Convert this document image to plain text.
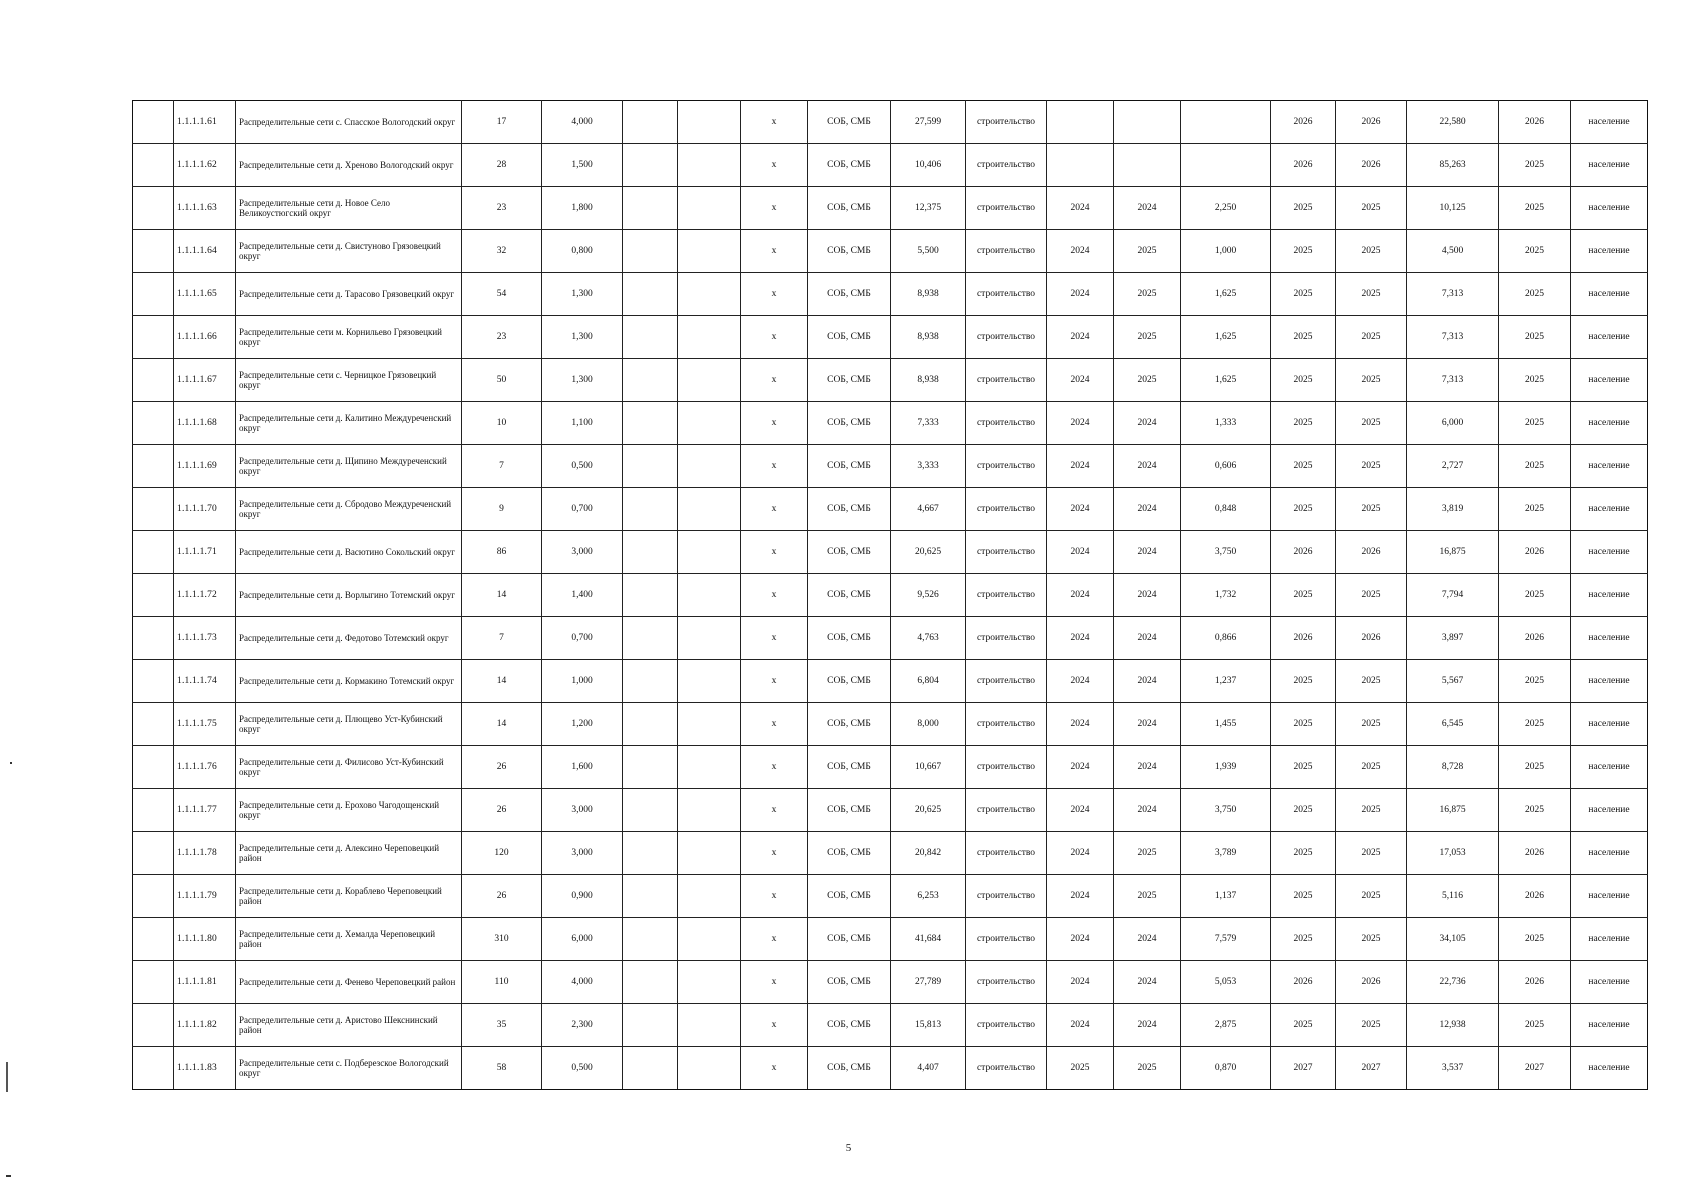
	1.1.1.1.61	Распределительные сети с. Спасское Вологодский округ	17	4,000			x	СОБ, СМБ	27,599	строительство				2026	2026	22,580	2026	население
	1.1.1.1.62	Распределительные сети д. Хреново Вологодский округ	28	1,500			x	СОБ, СМБ	10,406	строительство				2026	2026	85,263	2025	население
	1.1.1.1.63	Распределительные сети д. Новое Село Великоустюгский округ	23	1,800			x	СОБ, СМБ	12,375	строительство	2024	2024	2,250	2025	2025	10,125	2025	население
	1.1.1.1.64	Распределительные сети д. Свистуново Грязовецкий округ	32	0,800			x	СОБ, СМБ	5,500	строительство	2024	2025	1,000	2025	2025	4,500	2025	население
	1.1.1.1.65	Распределительные сети д. Тарасово Грязовецкий округ	54	1,300			x	СОБ, СМБ	8,938	строительство	2024	2025	1,625	2025	2025	7,313	2025	население
	1.1.1.1.66	Распределительные сети м. Корнильево Грязовецкий округ	23	1,300			x	СОБ, СМБ	8,938	строительство	2024	2025	1,625	2025	2025	7,313	2025	население
	1.1.1.1.67	Распределительные сети с. Черницкое Грязовецкий округ	50	1,300			x	СОБ, СМБ	8,938	строительство	2024	2025	1,625	2025	2025	7,313	2025	население
	1.1.1.1.68	Распределительные сети д. Калитино Междуреченский округ	10	1,100			x	СОБ, СМБ	7,333	строительство	2024	2024	1,333	2025	2025	6,000	2025	население
	1.1.1.1.69	Распределительные сети д. Щипино Междуреченский округ	7	0,500			x	СОБ, СМБ	3,333	строительство	2024	2024	0,606	2025	2025	2,727	2025	население
	1.1.1.1.70	Распределительные сети д. Сбродово Междуреченский округ	9	0,700			x	СОБ, СМБ	4,667	строительство	2024	2024	0,848	2025	2025	3,819	2025	население
	1.1.1.1.71	Распределительные сети д. Васютино Сокольский округ	86	3,000			x	СОБ, СМБ	20,625	строительство	2024	2024	3,750	2026	2026	16,875	2026	население
	1.1.1.1.72	Распределительные сети д. Ворлыгино Тотемский округ	14	1,400			x	СОБ, СМБ	9,526	строительство	2024	2024	1,732	2025	2025	7,794	2025	население
	1.1.1.1.73	Распределительные сети д. Федотово Тотемский округ	7	0,700			x	СОБ, СМБ	4,763	строительство	2024	2024	0,866	2026	2026	3,897	2026	население
	1.1.1.1.74	Распределительные сети д. Кормакино Тотемский округ	14	1,000			x	СОБ, СМБ	6,804	строительство	2024	2024	1,237	2025	2025	5,567	2025	население
	1.1.1.1.75	Распределительные сети д. Плющево Уст-Кубинский округ	14	1,200			x	СОБ, СМБ	8,000	строительство	2024	2024	1,455	2025	2025	6,545	2025	население
	1.1.1.1.76	Распределительные сети д. Филисово Уст-Кубинский округ	26	1,600			x	СОБ, СМБ	10,667	строительство	2024	2024	1,939	2025	2025	8,728	2025	население
	1.1.1.1.77	Распределительные сети д. Ерохово Чагодощенский округ	26	3,000			x	СОБ, СМБ	20,625	строительство	2024	2024	3,750	2025	2025	16,875	2025	население
	1.1.1.1.78	Распределительные сети д. Алексино Череповецкий район	120	3,000			x	СОБ, СМБ	20,842	строительство	2024	2025	3,789	2025	2025	17,053	2026	население
	1.1.1.1.79	Распределительные сети д. Кораблево Череповецкий район	26	0,900			x	СОБ, СМБ	6,253	строительство	2024	2025	1,137	2025	2025	5,116	2026	население
	1.1.1.1.80	Распределительные сети д. Хемалда Череповецкий район	310	6,000			x	СОБ, СМБ	41,684	строительство	2024	2024	7,579	2025	2025	34,105	2025	население
	1.1.1.1.81	Распределительные сети д. Фенево Череповецкий район	110	4,000			x	СОБ, СМБ	27,789	строительство	2024	2024	5,053	2026	2026	22,736	2026	население
	1.1.1.1.82	Распределительные сети д. Аристово Шекснинский район	35	2,300			x	СОБ, СМБ	15,813	строительство	2024	2024	2,875	2025	2025	12,938	2025	население
	1.1.1.1.83	Распределительные сети с. Подберезское Вологодский округ	58	0,500			x	СОБ, СМБ	4,407	строительство	2025	2025	0,870	2027	2027	3,537	2027	население
5
